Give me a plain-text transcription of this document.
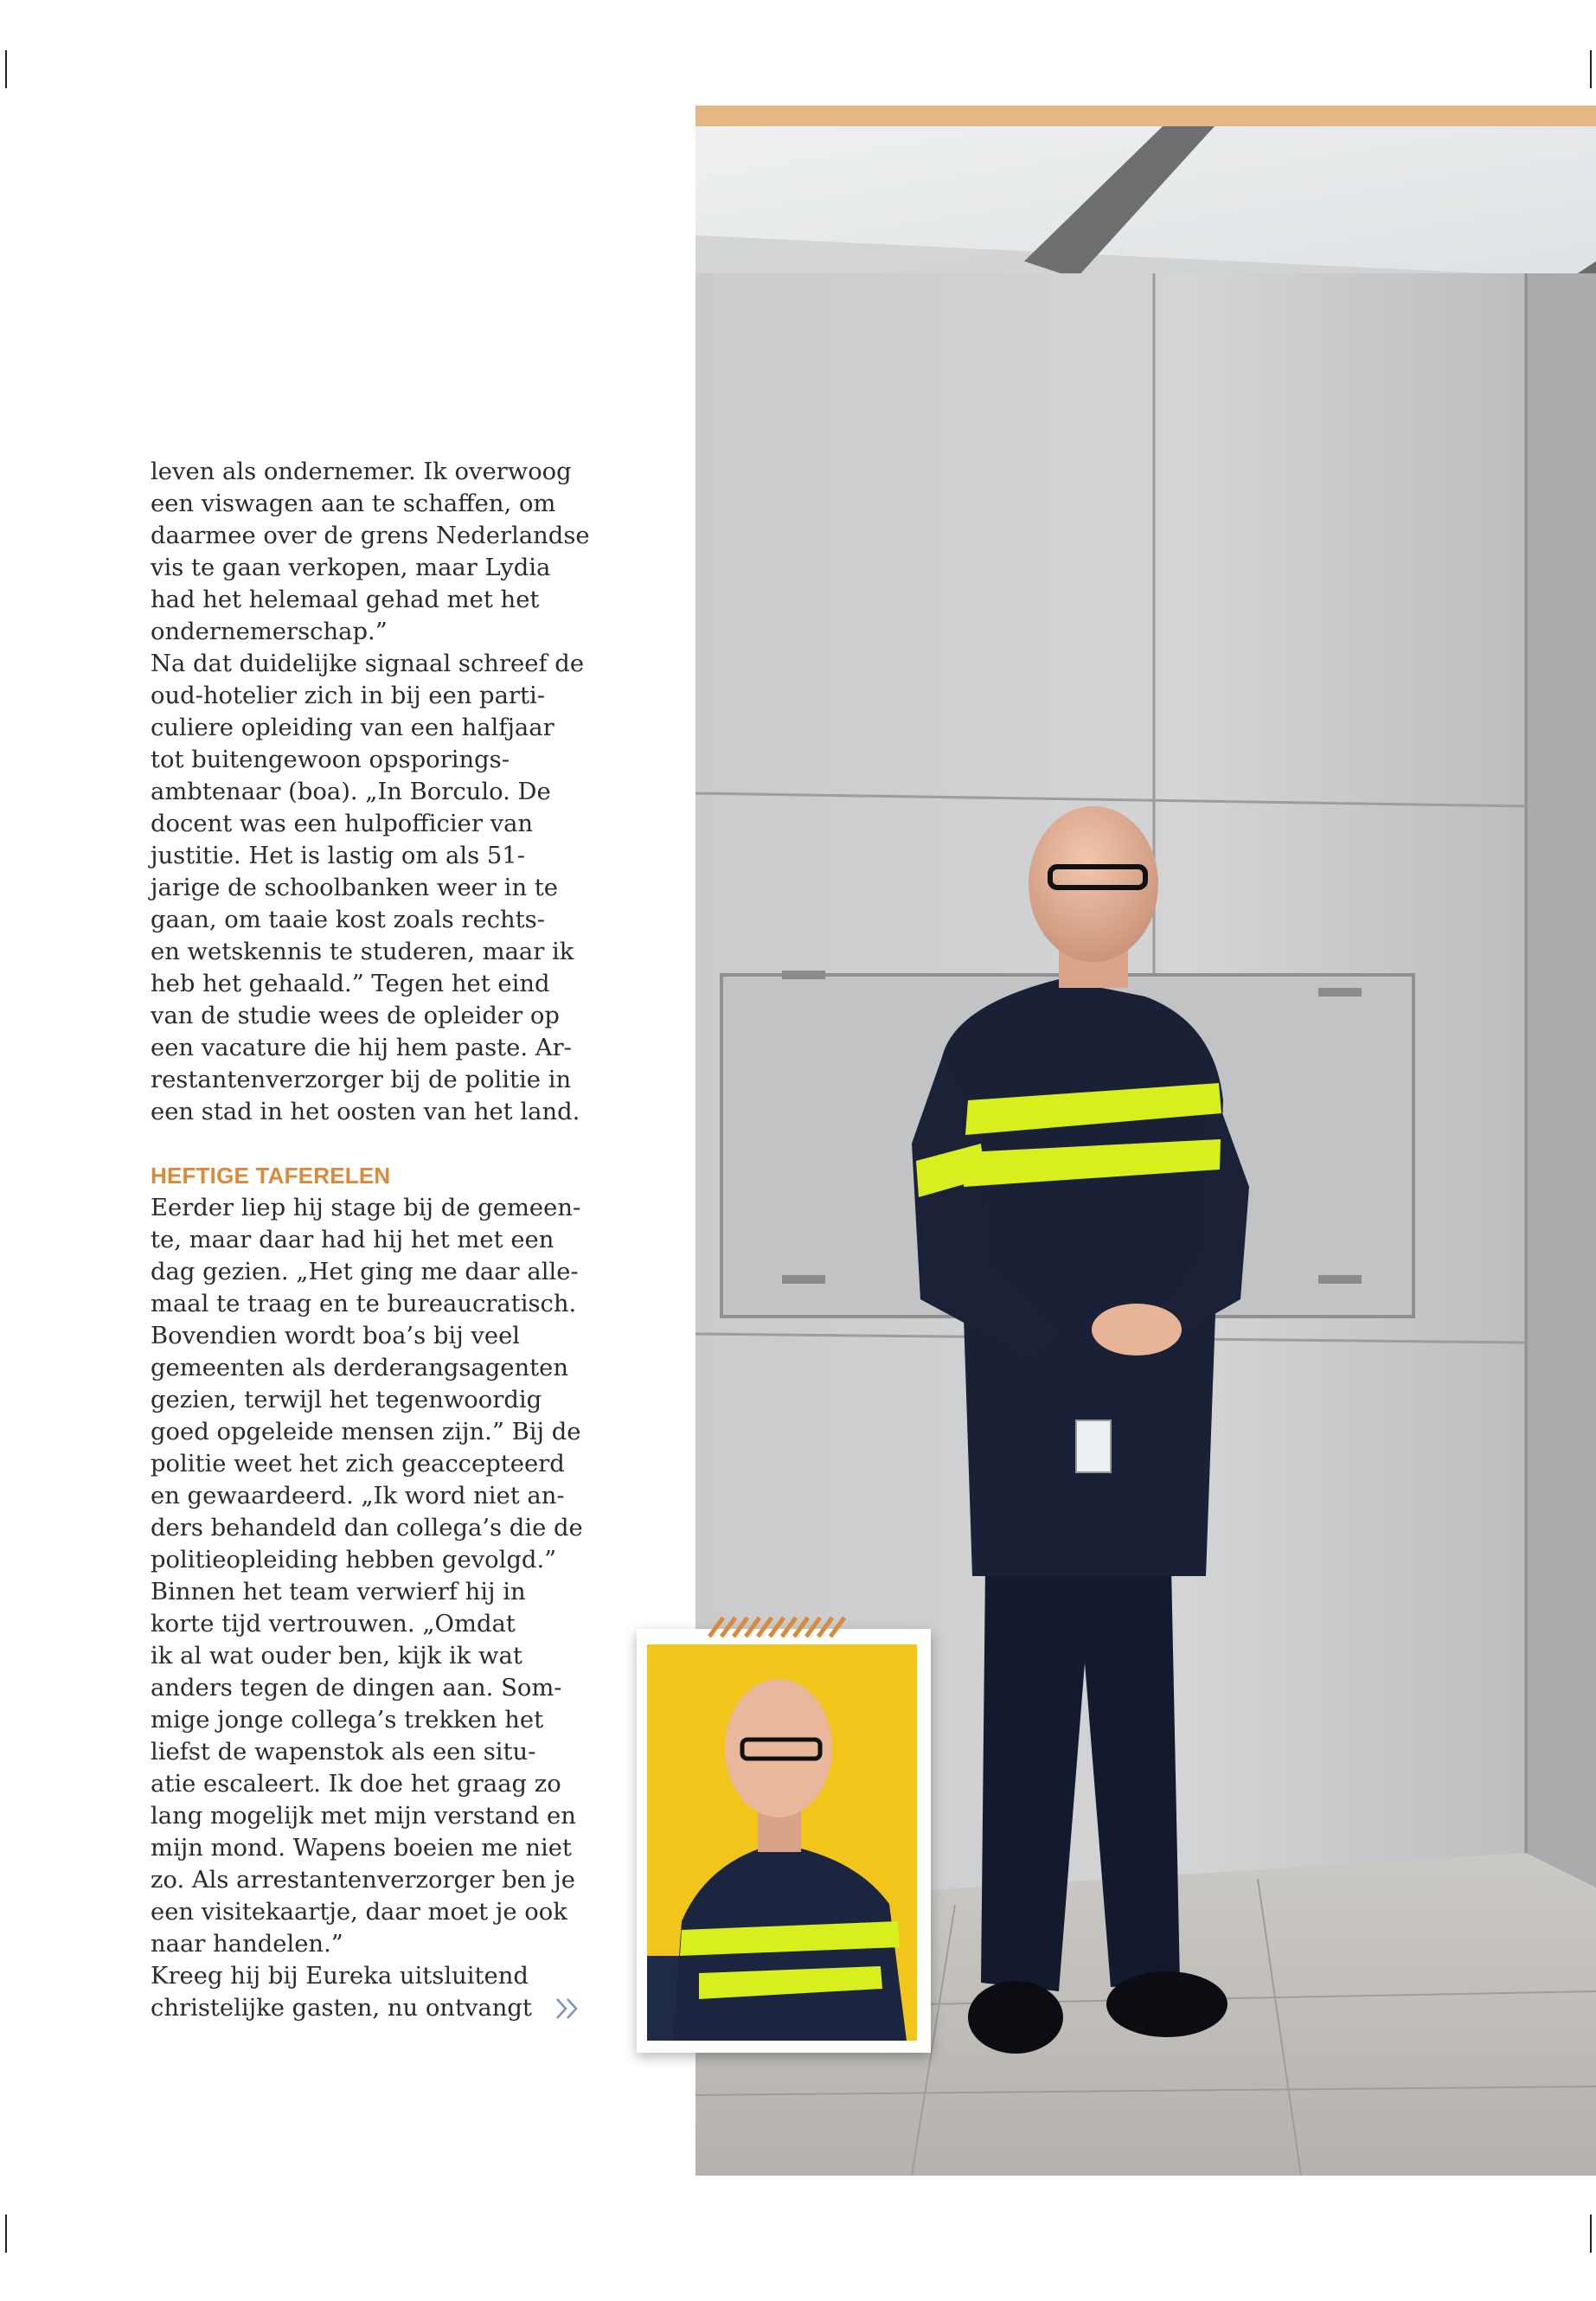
leven als ondernemer. Ik overwoog
een viswagen aan te schaffen, om
daarmee over de grens Nederlandse
vis te gaan verkopen, maar Lydia
had het helemaal gehad met het
ondernemerschap.”
Na dat duidelijke signaal schreef de
oud-hotelier zich in bij een parti-
culiere opleiding van een halfjaar
tot buitengewoon opsporings-
ambtenaar (boa). „In Borculo. De
docent was een hulpofficier van
justitie. Het is lastig om als 51-
jarige de schoolbanken weer in te
gaan, om taaie kost zoals rechts-
en wetskennis te studeren, maar ik
heb het gehaald.” Tegen het eind
van de studie wees de opleider op
een vacature die hij hem paste. Ar-
restantenverzorger bij de politie in
een stad in het oosten van het land.
HEFTIGE TAFERELEN
Eerder liep hij stage bij de gemeen-
te, maar daar had hij het met een
dag gezien. „Het ging me daar alle-
maal te traag en te bureaucratisch.
Bovendien wordt boa’s bij veel
gemeenten als derderangsagenten
gezien, terwijl het tegenwoordig
goed opgeleide mensen zijn.” Bij de
politie weet het zich geaccepteerd
en gewaardeerd. „Ik word niet an-
ders behandeld dan collega’s die de
politieopleiding hebben gevolgd.”
Binnen het team verwierf hij in
korte tijd vertrouwen. „Omdat
ik al wat ouder ben, kijk ik wat
anders tegen de dingen aan. Som-
mige jonge collega’s trekken het
liefst de wapenstok als een situ-
atie escaleert. Ik doe het graag zo
lang mogelijk met mijn verstand en
mijn mond. Wapens boeien me niet
zo. Als arrestantenverzorger ben je
een visitekaartje, daar moet je ook
naar handelen.”
Kreeg hij bij Eureka uitsluitend
christelijke gasten, nu ontvangt
